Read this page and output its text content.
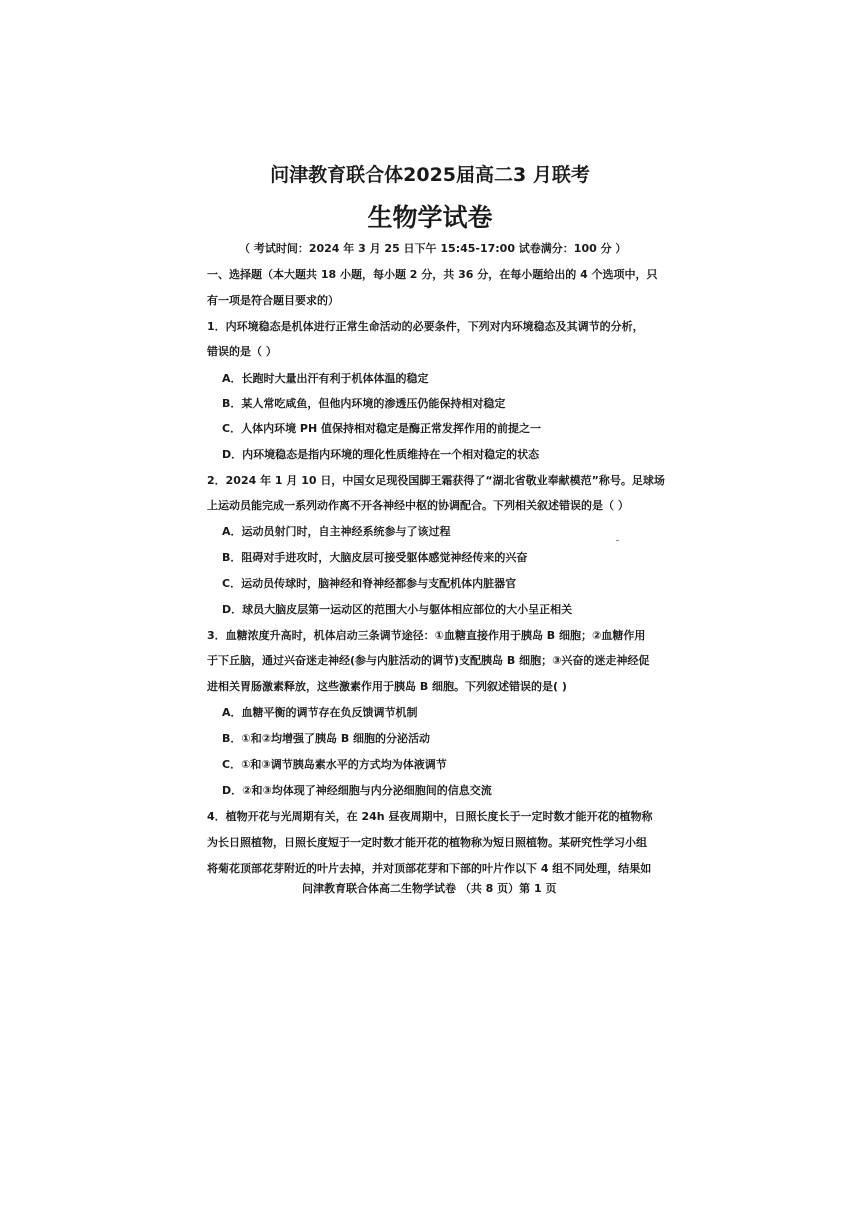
问津教育联合体2025届高二3 月联考
生物学试卷
（ 考试时间：2024 年 3 月 25 日下午 15:45-17:00 试卷满分：100 分 ）
一、选择题（本大题共 18 小题，每小题 2 分，共 36 分，在每小题给出的 4 个选项中，只
有一项是符合题目要求的）
1．内环境稳态是机体进行正常生命活动的必要条件，下列对内环境稳态及其调节的分析，
错误的是（ ）
A．长跑时大量出汗有利于机体体温的稳定
B．某人常吃咸鱼，但他内环境的渗透压仍能保持相对稳定
C．人体内环境 PH 值保持相对稳定是酶正常发挥作用的前提之一
D．内环境稳态是指内环境的理化性质维持在一个相对稳定的状态
2．2024 年 1 月 10 日，中国女足现役国脚王霜获得了“湖北省敬业奉献模范”称号。足球场
上运动员能完成一系列动作离不开各神经中枢的协调配合。下列相关叙述错误的是（ ）
A．运动员射门时，自主神经系统参与了该过程
B．阻碍对手进攻时，大脑皮层可接受躯体感觉神经传来的兴奋
C．运动员传球时，脑神经和脊神经都参与支配机体内脏器官
D．球员大脑皮层第一运动区的范围大小与躯体相应部位的大小呈正相关
3．血糖浓度升高时，机体启动三条调节途径：①血糖直接作用于胰岛 B 细胞；②血糖作用
于下丘脑，通过兴奋迷走神经(参与内脏活动的调节)支配胰岛 B 细胞；③兴奋的迷走神经促
进相关胃肠激素释放，这些激素作用于胰岛 B 细胞。下列叙述错误的是( )
A．血糖平衡的调节存在负反馈调节机制
B．①和②均增强了胰岛 B 细胞的分泌活动
C．①和③调节胰岛素水平的方式均为体液调节
D．②和③均体现了神经细胞与内分泌细胞间的信息交流
4．植物开花与光周期有关，在 24h 昼夜周期中，日照长度长于一定时数才能开花的植物称
为长日照植物，日照长度短于一定时数才能开花的植物称为短日照植物。某研究性学习小组
将菊花顶部花芽附近的叶片去掉，并对顶部花芽和下部的叶片作以下 4 组不同处理，结果如
问津教育联合体高二生物学试卷 （共 8 页）第 1 页
